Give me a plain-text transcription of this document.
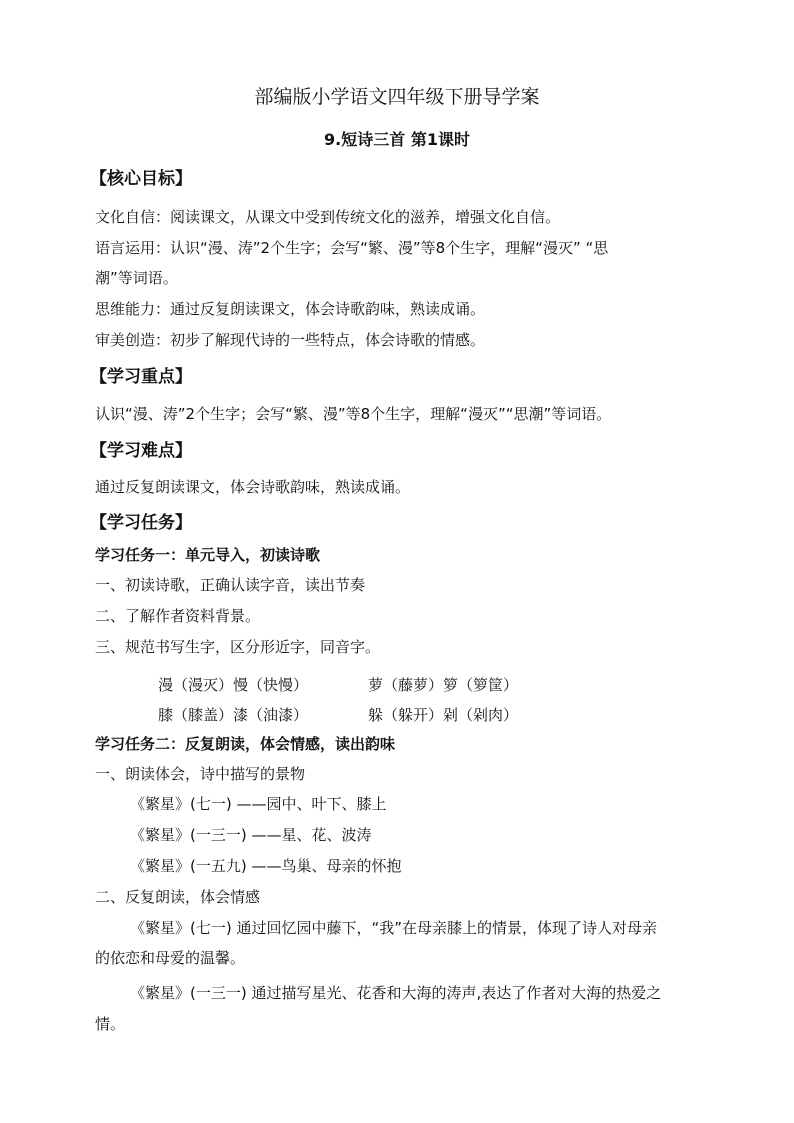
部编版小学语文四年级下册导学案
9.短诗三首 第1课时
【核心目标】
文化自信：阅读课文，从课文中受到传统文化的滋养，增强文化自信。
语言运用：认识“漫、涛”2个生字；会写“繁、漫”等8个生字，理解“漫灭” “思
潮”等词语。
思维能力：通过反复朗读课文，体会诗歌韵味，熟读成诵。
审美创造：初步了解现代诗的一些特点，体会诗歌的情感。
【学习重点】
认识“漫、涛”2个生字；会写“繁、漫”等8个生字，理解“漫灭”“思潮”等词语。
【学习难点】
通过反复朗读课文，体会诗歌韵味，熟读成诵。
【学习任务】
学习任务一：单元导入，初读诗歌
一、初读诗歌，正确认读字音，读出节奏
二、了解作者资料背景。
三、规范书写生字，区分形近字，同音字。
漫（漫灭）慢（快慢）	萝（藤萝）箩（箩筐）
膝（膝盖）漆（油漆）	躲（躲开）剁（剁肉）
学习任务二：反复朗读，体会情感，读出韵味
一、朗读体会，诗中描写的景物
《繁星》(七一) ——园中、叶下、膝上
《繁星》(一三一) ——星、花、波涛
《繁星》(一五九) ——鸟巢、母亲的怀抱
二、反复朗读，体会情感
《繁星》(七一) 通过回忆园中藤下，“我”在母亲膝上的情景，体现了诗人对母亲
的依恋和母爱的温馨。
《繁星》(一三一) 通过描写星光、花香和大海的涛声,表达了作者对大海的热爱之
情。
